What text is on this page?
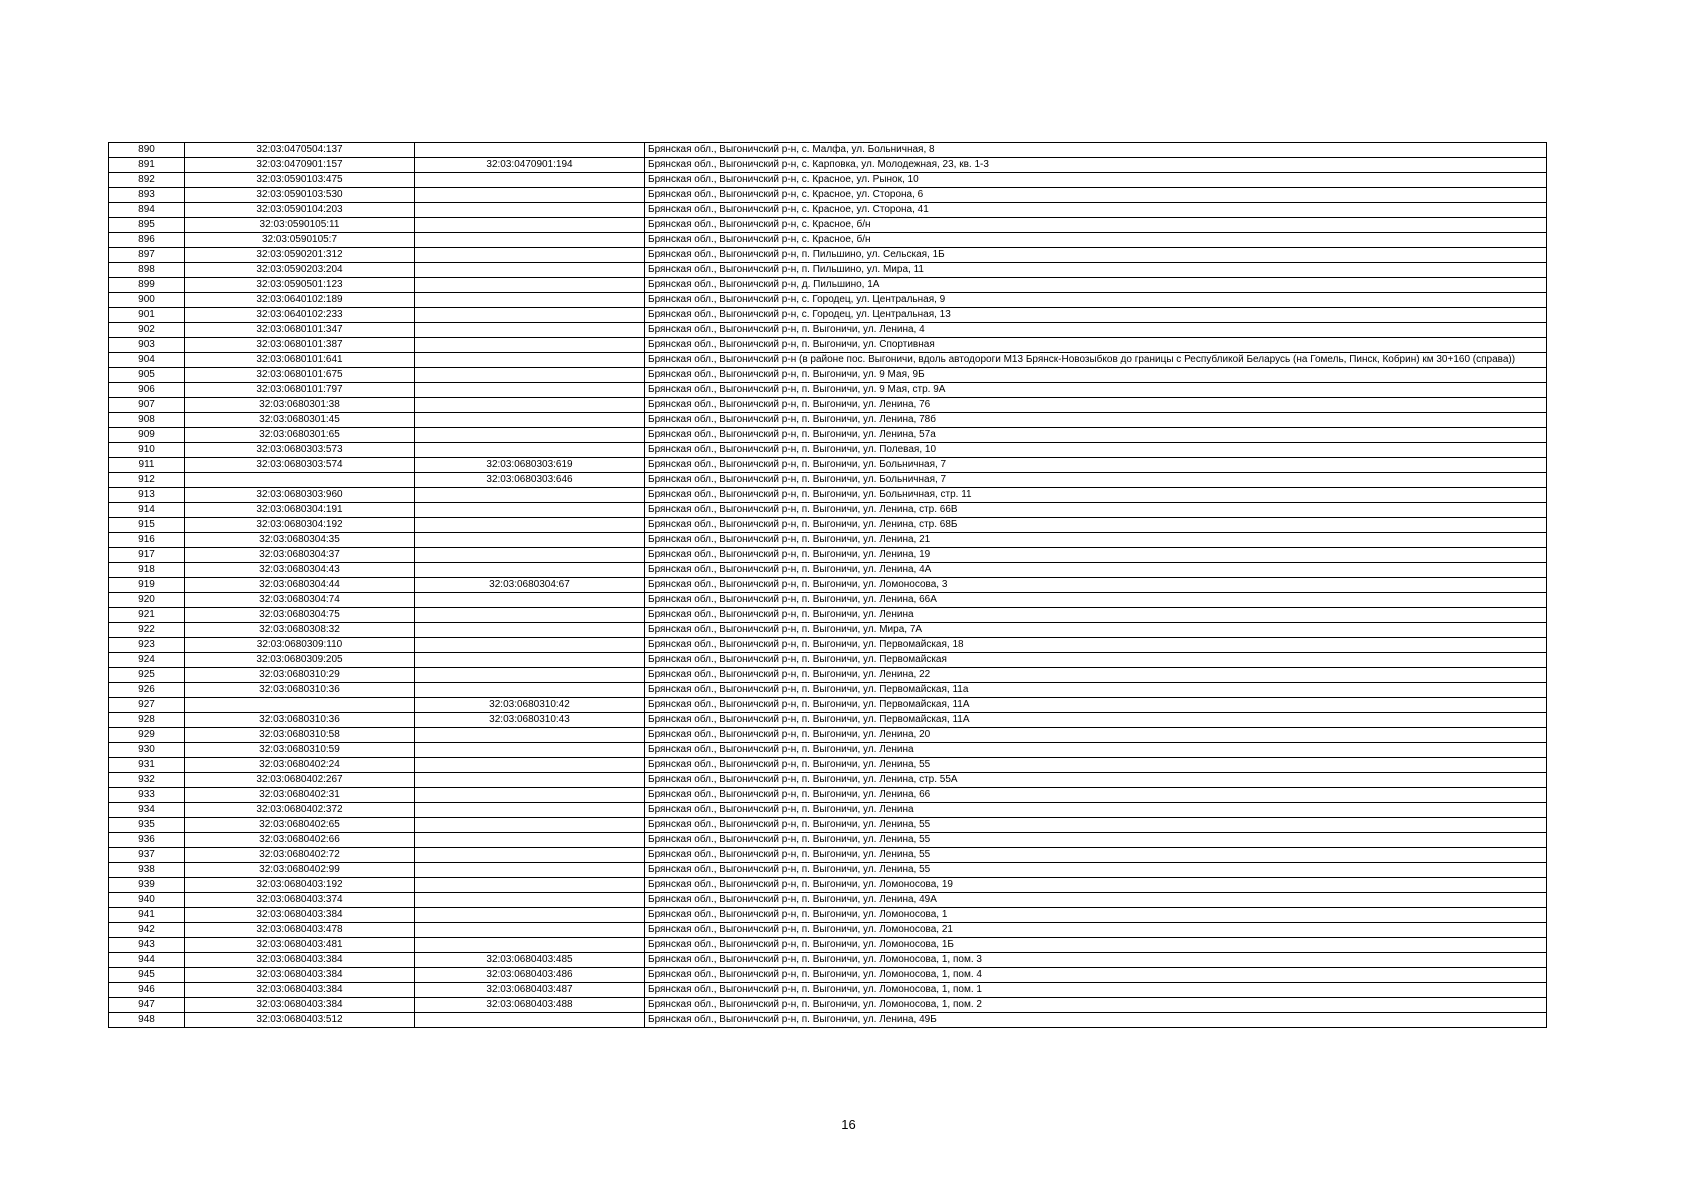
890	32:03:0470504:137		Брянская обл., Выгоничский р-н, с. Малфа, ул. Больничная, 8
891	32:03:0470901:157	32:03:0470901:194	Брянская обл., Выгоничский р-н, с. Карповка, ул. Молодежная, 23, кв. 1-3
892	32:03:0590103:475		Брянская обл., Выгоничский р-н, с. Красное, ул. Рынок, 10
893	32:03:0590103:530		Брянская обл., Выгоничский р-н, с. Красное, ул. Сторона, 6
894	32:03:0590104:203		Брянская обл., Выгоничский р-н, с. Красное, ул. Сторона, 41
895	32:03:0590105:11		Брянская обл., Выгоничский р-н, с. Красное, б/н
896	32:03:0590105:7		Брянская обл., Выгоничский р-н, с. Красное, б/н
897	32:03:0590201:312		Брянская обл., Выгоничский р-н, п. Пильшино, ул. Сельская, 1Б
898	32:03:0590203:204		Брянская обл., Выгоничский р-н, п. Пильшино, ул. Мира, 11
899	32:03:0590501:123		Брянская обл., Выгоничский р-н, д. Пильшино, 1А
900	32:03:0640102:189		Брянская обл., Выгоничский р-н, с. Городец, ул. Центральная, 9
901	32:03:0640102:233		Брянская обл., Выгоничский р-н, с. Городец, ул. Центральная, 13
902	32:03:0680101:347		Брянская обл., Выгоничский р-н, п. Выгоничи, ул. Ленина, 4
903	32:03:0680101:387		Брянская обл., Выгоничский р-н, п. Выгоничи, ул. Спортивная
904	32:03:0680101:641		Брянская обл., Выгоничский р-н (в районе пос. Выгоничи, вдоль автодороги М13 Брянск-Новозыбков до границы с Республикой Беларусь (на Гомель, Пинск, Кобрин) км 30+160 (справа))
905	32:03:0680101:675		Брянская обл., Выгоничский р-н, п. Выгоничи, ул. 9 Мая, 9Б
906	32:03:0680101:797		Брянская обл., Выгоничский р-н, п. Выгоничи, ул. 9 Мая, стр. 9А
907	32:03:0680301:38		Брянская обл., Выгоничский р-н, п. Выгоничи, ул. Ленина, 76
908	32:03:0680301:45		Брянская обл., Выгоничский р-н, п. Выгоничи, ул. Ленина, 78б
909	32:03:0680301:65		Брянская обл., Выгоничский р-н, п. Выгоничи, ул. Ленина, 57а
910	32:03:0680303:573		Брянская обл., Выгоничский р-н, п. Выгоничи, ул. Полевая, 10
911	32:03:0680303:574	32:03:0680303:619	Брянская обл., Выгоничский р-н, п. Выгоничи, ул. Больничная, 7
912		32:03:0680303:646	Брянская обл., Выгоничский р-н, п. Выгоничи, ул. Больничная, 7
913	32:03:0680303:960		Брянская обл., Выгоничский р-н, п. Выгоничи, ул. Больничная, стр. 11
914	32:03:0680304:191		Брянская обл., Выгоничский р-н, п. Выгоничи, ул. Ленина, стр. 66В
915	32:03:0680304:192		Брянская обл., Выгоничский р-н, п. Выгоничи, ул. Ленина, стр. 68Б
916	32:03:0680304:35		Брянская обл., Выгоничский р-н, п. Выгоничи, ул. Ленина, 21
917	32:03:0680304:37		Брянская обл., Выгоничский р-н, п. Выгоничи, ул. Ленина, 19
918	32:03:0680304:43		Брянская обл., Выгоничский р-н, п. Выгоничи, ул. Ленина, 4А
919	32:03:0680304:44	32:03:0680304:67	Брянская обл., Выгоничский р-н, п. Выгоничи, ул. Ломоносова, 3
920	32:03:0680304:74		Брянская обл., Выгоничский р-н, п. Выгоничи, ул. Ленина, 66А
921	32:03:0680304:75		Брянская обл., Выгоничский р-н, п. Выгоничи, ул. Ленина
922	32:03:0680308:32		Брянская обл., Выгоничский р-н, п. Выгоничи, ул. Мира, 7А
923	32:03:0680309:110		Брянская обл., Выгоничский р-н, п. Выгоничи, ул. Первомайская, 18
924	32:03:0680309:205		Брянская обл., Выгоничский р-н, п. Выгоничи, ул. Первомайская
925	32:03:0680310:29		Брянская обл., Выгоничский р-н, п. Выгоничи, ул. Ленина, 22
926	32:03:0680310:36		Брянская обл., Выгоничский р-н, п. Выгоничи, ул. Первомайская, 11а
927		32:03:0680310:42	Брянская обл., Выгоничский р-н, п. Выгоничи, ул. Первомайская, 11А
928	32:03:0680310:36	32:03:0680310:43	Брянская обл., Выгоничский р-н, п. Выгоничи, ул. Первомайская, 11А
929	32:03:0680310:58		Брянская обл., Выгоничский р-н, п. Выгоничи, ул. Ленина, 20
930	32:03:0680310:59		Брянская обл., Выгоничский р-н, п. Выгоничи, ул. Ленина
931	32:03:0680402:24		Брянская обл., Выгоничский р-н, п. Выгоничи, ул. Ленина, 55
932	32:03:0680402:267		Брянская обл., Выгоничский р-н, п. Выгоничи, ул. Ленина, стр. 55А
933	32:03:0680402:31		Брянская обл., Выгоничский р-н, п. Выгоничи, ул. Ленина, 66
934	32:03:0680402:372		Брянская обл., Выгоничский р-н, п. Выгоничи, ул. Ленина
935	32:03:0680402:65		Брянская обл., Выгоничский р-н, п. Выгоничи, ул. Ленина, 55
936	32:03:0680402:66		Брянская обл., Выгоничский р-н, п. Выгоничи, ул. Ленина, 55
937	32:03:0680402:72		Брянская обл., Выгоничский р-н, п. Выгоничи, ул. Ленина, 55
938	32:03:0680402:99		Брянская обл., Выгоничский р-н, п. Выгоничи, ул. Ленина, 55
939	32:03:0680403:192		Брянская обл., Выгоничский р-н, п. Выгоничи, ул. Ломоносова, 19
940	32:03:0680403:374		Брянская обл., Выгоничский р-н, п. Выгоничи, ул. Ленина, 49А
941	32:03:0680403:384		Брянская обл., Выгоничский р-н, п. Выгоничи, ул. Ломоносова, 1
942	32:03:0680403:478		Брянская обл., Выгоничский р-н, п. Выгоничи, ул. Ломоносова, 21
943	32:03:0680403:481		Брянская обл., Выгоничский р-н, п. Выгоничи, ул. Ломоносова, 1Б
944	32:03:0680403:384	32:03:0680403:485	Брянская обл., Выгоничский р-н, п. Выгоничи, ул. Ломоносова, 1, пом. 3
945	32:03:0680403:384	32:03:0680403:486	Брянская обл., Выгоничский р-н, п. Выгоничи, ул. Ломоносова, 1, пом. 4
946	32:03:0680403:384	32:03:0680403:487	Брянская обл., Выгоничский р-н, п. Выгоничи, ул. Ломоносова, 1, пом. 1
947	32:03:0680403:384	32:03:0680403:488	Брянская обл., Выгоничский р-н, п. Выгоничи, ул. Ломоносова, 1, пом. 2
948	32:03:0680403:512		Брянская обл., Выгоничский р-н, п. Выгоничи, ул. Ленина, 49Б
16
